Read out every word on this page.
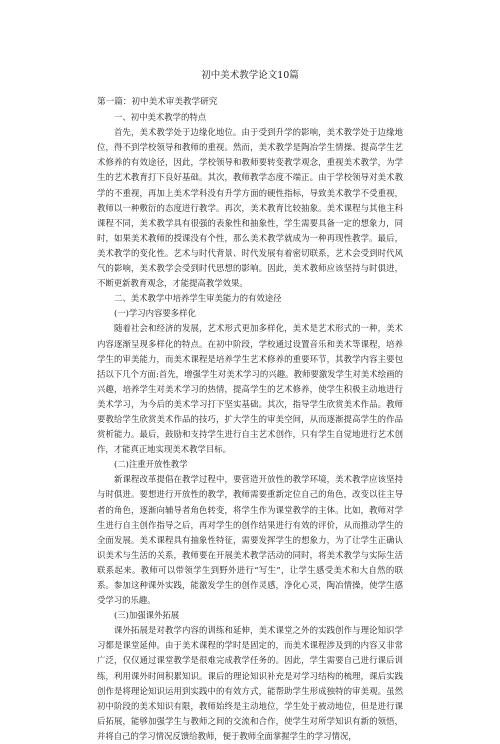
初中美术教学论文10篇

第一篇：初中美术审美教学研究

一、初中美术教学的特点

首先，美术教学处于边缘化地位。由于受到升学的影响，美术教学处于边缘地位，得不到学校领导和教师的重视。然而，美术教学是陶冶学生情操、提高学生艺术修养的有效途径，因此，学校领导和教师要转变教学观念，重视美术教学，为学生的艺术教育打下良好基础。其次，教师教学态度不端正。由于学校领导对美术教学的不重视，再加上美术学科没有升学方面的硬性指标，导致美术教学不受重视，教师以一种敷衍的态度进行教学。再次，美术教育比较抽象。美术课程与其他主科课程不同，美术教学具有很强的表象性和抽象性，学生需要具备一定的想象力，同时，如果美术教师的授课没有个性，那么美术教学就成为一种再现性教学。最后，美术教学的变化性。艺术与时代背景、时代发展有着密切联系，艺术会受到时代风气的影响，美术教学会受到时代思想的影响。因此，美术教师应该坚持与时俱进，不断更新教育观念，才能提高教学效果。

二、美术教学中培养学生审美能力的有效途径

(一)学习内容要多样化

随着社会和经济的发展，艺术形式更加多样化，美术是艺术形式的一种，美术内容逐渐呈现多样化的特点。在初中阶段，学校通过设置音乐和美术等课程，培养学生的审美能力，而美术课程是培养学生艺术修养的重要环节，其教学内容主要包括以下几个方面:首先，增强学生对美术学习的兴趣。教师要激发学生对美术绘画的兴趣，培养学生对美术学习的热情，提高学生的艺术修养，使学生积极主动地进行美术学习，为今后的美术学习打下坚实基础。其次，指导学生欣赏美术作品。教师要教给学生欣赏美术作品的技巧，扩大学生的审美空间，从而逐渐提高学生的作品赏析能力。最后，鼓励和支持学生进行自主艺术创作，只有学生自觉地进行艺术创作，才能真正地实现美术教学目标。

(二)注重开放性教学

新课程改革提倡在教学过程中，要营造开放性的教学环境，美术教学应该坚持与时俱进。要想进行开放性的教学，教师需要重新定位自己的角色，改变以往主导者的角色，逐渐向辅导者角色转变，将学生作为课堂教学的主体。比如，教师对学生进行自主创作指导之后，再对学生的创作结果进行有效的评价，从而推动学生的全面发展。美术课程具有抽象性特征，需要发挥学生的想象力，为了让学生正确认识美术与生活的关系，教师要在开展美术教学活动的同时，将美术教学与实际生活联系起来。教师可以带领学生到野外进行“写生”，让学生感受美术和大自然的联系。参加这种课外实践，能激发学生的创作灵感，净化心灵，陶冶情操，使学生感受学习的乐趣。

(三)加强课外拓展

课外拓展是对教学内容的训练和延伸，美术课堂之外的实践创作与理论知识学习都是课堂延伸。由于美术课程的学时是固定的，而美术课程涉及到的内容又非常广泛，仅仅通过课堂教学是很难完成教学任务的。因此，学生需要自己进行课后训练，利用课外时间积累知识。课后的理论知识补充是对学习结构的梳理，课后实践创作是将理论知识运用到实践中的有效方式，能帮助学生形成独特的审美观。虽然初中阶段的美术知识有限，教师始终是主动地位，学生处于被动地位，但是进行课后拓展，能够加强学生与教师之间的交流和合作，使学生对所学知识有新的领悟，并将自己的学习情况反馈给教师，便于教师全面掌握学生的学习情况，
